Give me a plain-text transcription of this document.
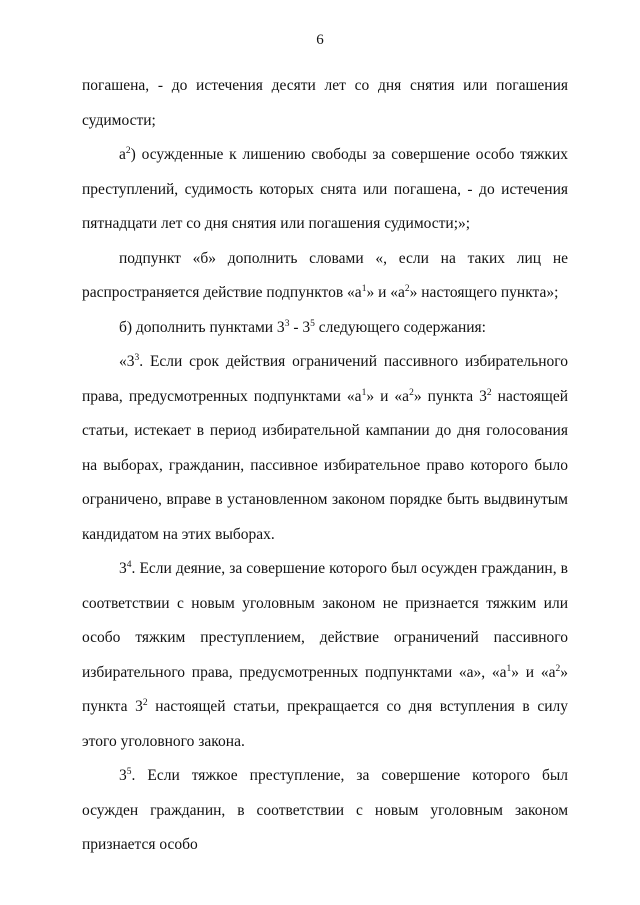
6

погашена, - до истечения десяти лет со дня снятия или погашения судимости;

$а^2$) осужденные к лишению свободы за совершение особо тяжких преступлений, судимость которых снята или погашена, - до истечения пятнадцати лет со дня снятия или погашения судимости;»;

подпункт «б» дополнить словами «, если на таких лиц не распространяется действие подпунктов «$а^1$» и «$а^2$» настоящего пункта»;

б) дополнить пунктами $3^3 - 3^5$ следующего содержания:

«$3^3$. Если срок действия ограничений пассивного избирательного права, предусмотренных подпунктами «$а^1$» и «$а^2$» пункта $3^2$ настоящей статьи, истекает в период избирательной кампании до дня голосования на выборах, гражданин, пассивное избирательное право которого было ограничено, вправе в установленном законом порядке быть выдвинутым кандидатом на этих выборах.

$3^4$. Если деяние, за совершение которого был осужден гражданин, в соответствии с новым уголовным законом не признается тяжким или особо тяжким преступлением, действие ограничений пассивного избирательного права, предусмотренных подпунктами «а», «$а^1$» и «$а^2$» пункта $3^2$ настоящей статьи, прекращается со дня вступления в силу этого уголовного закона.

$3^5$. Если тяжкое преступление, за совершение которого был осужден гражданин, в соответствии с новым уголовным законом признается особо
